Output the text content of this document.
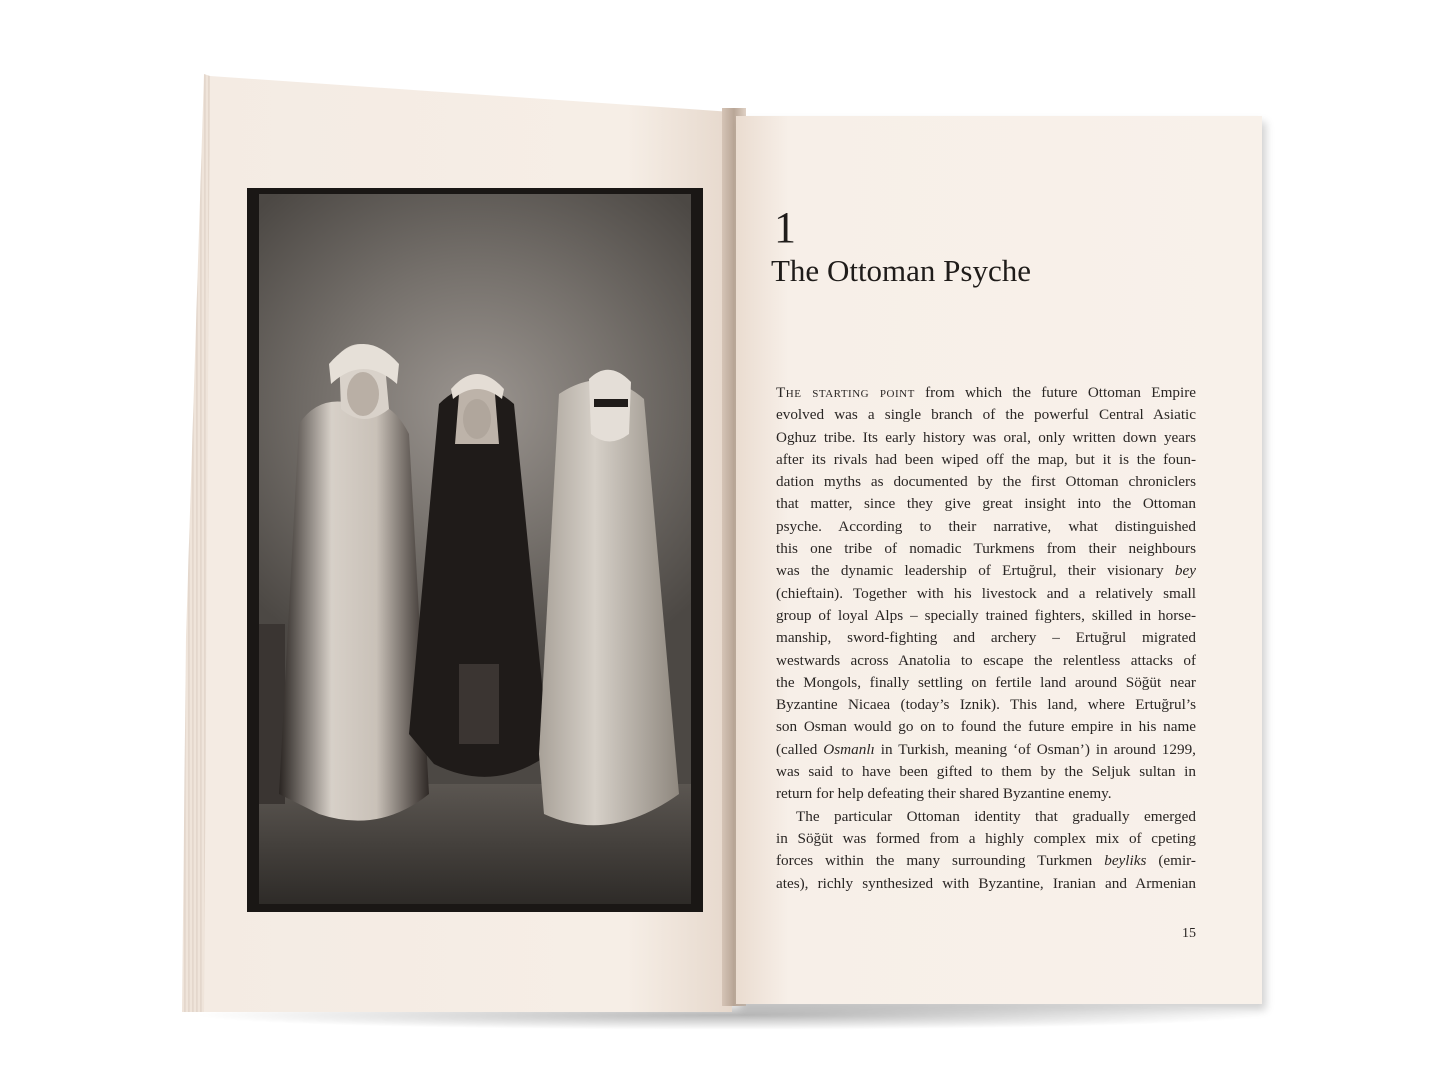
1
The Ottoman Psyche
The starting point from which the future Ottoman Empire
evolved was a single branch of the powerful Central Asiatic
Oghuz tribe. Its early history was oral, only written down years
after its rivals had been wiped off the map, but it is the foun-
dation myths as documented by the first Ottoman chroniclers
that matter, since they give great insight into the Ottoman
psyche. According to their narrative, what distinguished
this one tribe of nomadic Turkmens from their neighbours
was the dynamic leadership of Ertuğrul, their visionary bey
(chieftain). Together with his livestock and a relatively small
group of loyal Alps – specially trained fighters, skilled in horse-
manship, sword-fighting and archery – Ertuğrul migrated
westwards across Anatolia to escape the relentless attacks of
the Mongols, finally settling on fertile land around Söğüt near
Byzantine Nicaea (today’s Iznik). This land, where Ertuğrul’s
son Osman would go on to found the future empire in his name
(called Osmanlı in Turkish, meaning ‘of Osman’) in around 1299,
was said to have been gifted to them by the Seljuk sultan in
return for help defeating their shared Byzantine enemy.
The particular Ottoman identity that gradually emerged
in Söğüt was formed from a highly complex mix of cpeting
forces within the many surrounding Turkmen beyliks (emir-
ates), richly synthesized with Byzantine, Iranian and Armenian
15
